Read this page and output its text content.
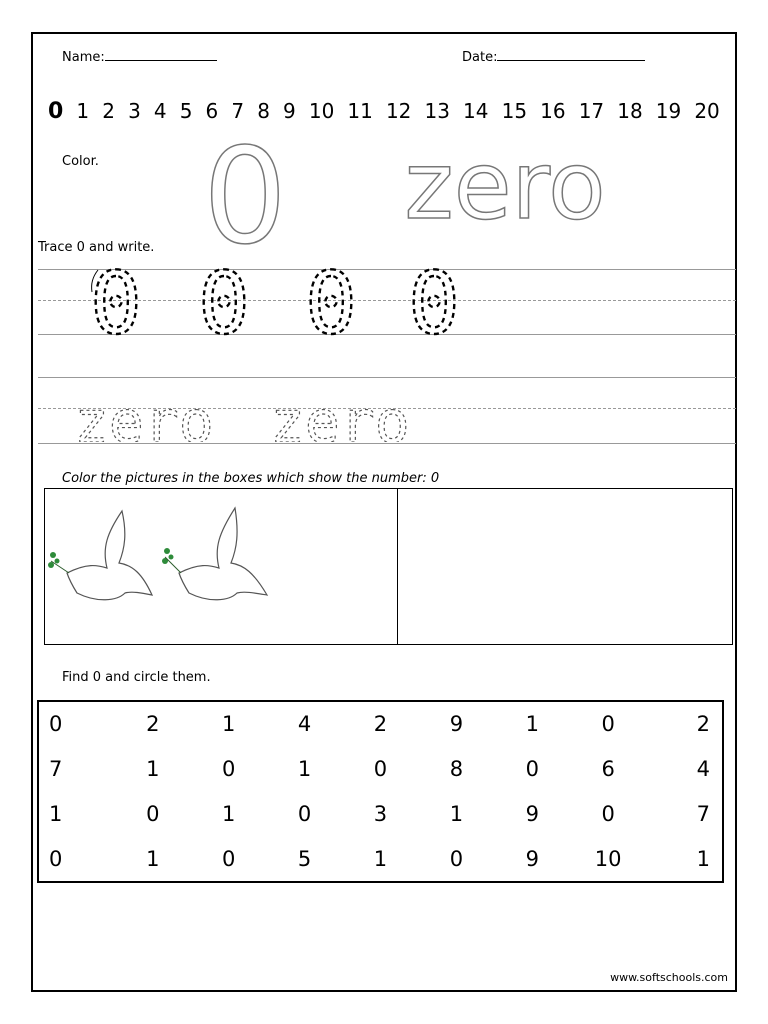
Name:	Date:
0 1 2 3 4 5 6 7 8 9 10 11 12 13 14 15 16 17 18 19 20
Color. 0 zero
Trace 0 and write.
0 0 0 0
zero zero
Color the pictures in the boxes which show the number: 0
Find 0 and circle them.
0	2	1	4	2	9	1	0	2
7	1	0	1	0	8	0	6	4
1	0	1	0	3	1	9	0	7
0	1	0	5	1	0	9	10	1
www.softschools.com
